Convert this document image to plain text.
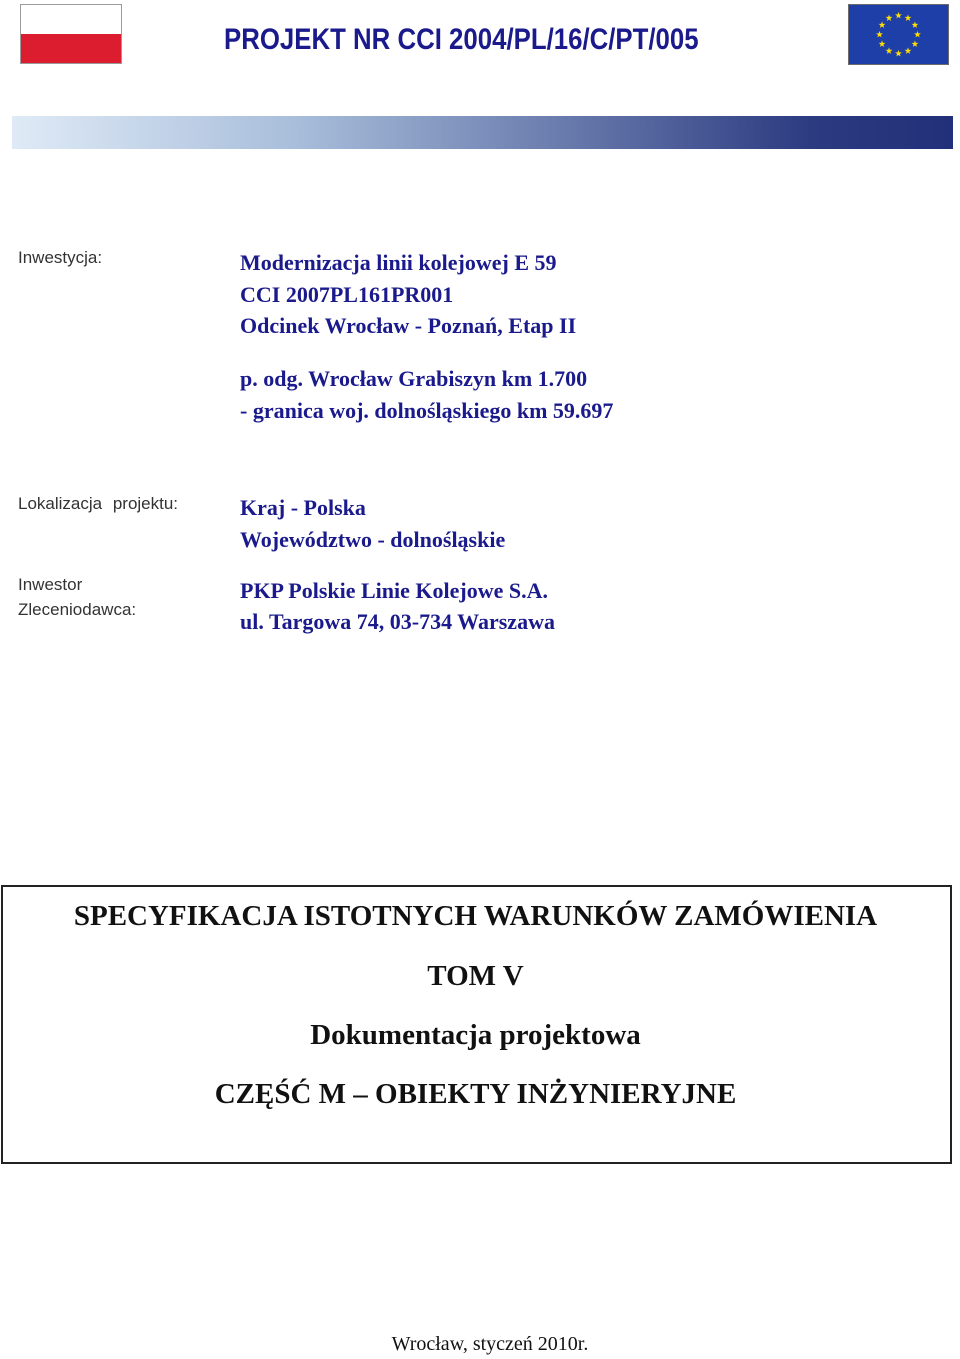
PROJEKT NR CCI 2004/PL/16/C/PT/005
Inwestycja:	Modernizacja linii kolejowej E 59
CCI 2007PL161PR001
Odcinek Wrocław - Poznań, Etap II
p. odg. Wrocław Grabiszyn km 1.700
- granica woj. dolnośląskiego km 59.697
Lokalizacja projektu:	Kraj - Polska
Województwo - dolnośląskie
Inwestor
Zleceniodawca:
PKP Polskie Linie Kolejowe S.A.
ul. Targowa 74, 03-734 Warszawa
SPECYFIKACJA ISTOTNYCH WARUNKÓW ZAMÓWIENIA
TOM V
Dokumentacja projektowa
CZĘŚĆ M – OBIEKTY INŻYNIERYJNE
Wrocław, styczeń 2010r.
